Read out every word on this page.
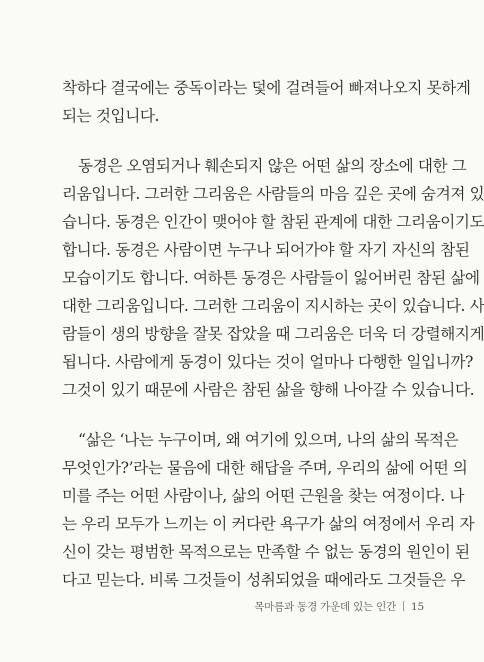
착하다 결국에는 중독이라는 덫에 걸려들어 빠져나오지 못하게
되는 것입니다.
동경은 오염되거나 훼손되지 않은 어떤 삶의 장소에 대한 그
리움입니다. 그러한 그리움은 사람들의 마음 깊은 곳에 숨겨져 있
습니다. 동경은 인간이 맺어야 할 참된 관계에 대한 그리움이기도
합니다. 동경은 사람이면 누구나 되어가야 할 자기 자신의 참된
모습이기도 합니다. 여하튼 동경은 사람들이 잃어버린 참된 삶에
대한 그리움입니다. 그러한 그리움이 지시하는 곳이 있습니다. 사
람들이 생의 방향을 잘못 잡았을 때 그리움은 더욱 더 강렬해지게
됩니다. 사람에게 동경이 있다는 것이 얼마나 다행한 일입니까?
그것이 있기 때문에 사람은 참된 삶을 향해 나아갈 수 있습니다.
“삶은 ‘나는 누구이며, 왜 여기에 있으며, 나의 삶의 목적은
무엇인가?’라는 물음에 대한 해답을 주며, 우리의 삶에 어떤 의
미를 주는 어떤 사람이나, 삶의 어떤 근원을 찾는 여정이다. 나
는 우리 모두가 느끼는 이 커다란 욕구가 삶의 여정에서 우리 자
신이 갖는 평범한 목적으로는 만족할 수 없는 동경의 원인이 된
다고 믿는다. 비록 그것들이 성취되었을 때에라도 그것들은 우
목마름과 동경 가운데 있는 인간 15
